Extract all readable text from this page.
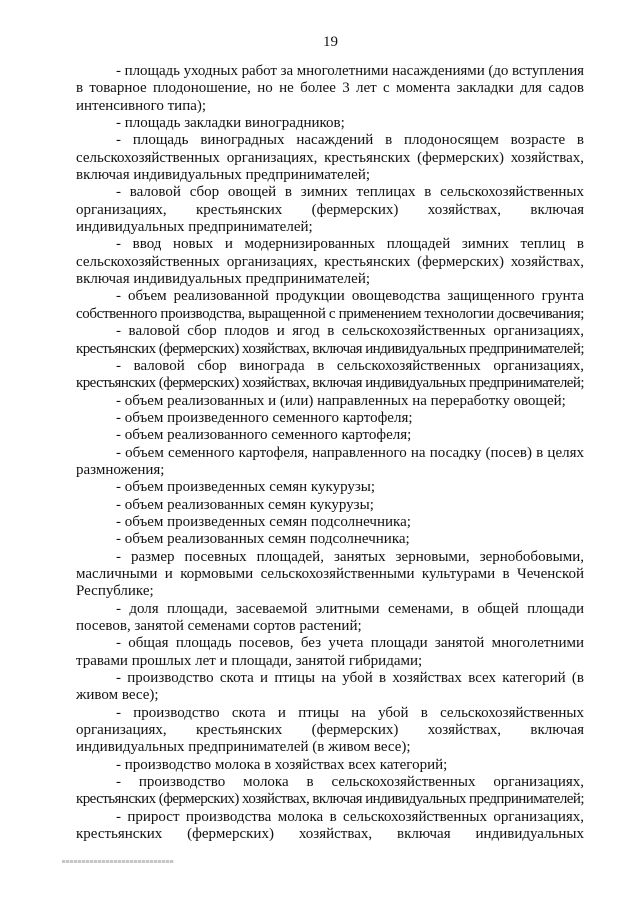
19
- площадь уходных работ за многолетними насаждениями (до вступления
в товарное плодоношение, но не более 3 лет с момента закладки для садов
интенсивного типа);
- площадь закладки виноградников;
- площадь виноградных насаждений в плодоносящем возрасте в
сельскохозяйственных организациях, крестьянских (фермерских) хозяйствах,
включая индивидуальных предпринимателей;
- валовой сбор овощей в зимних теплицах в сельскохозяйственных
организациях, крестьянских (фермерских) хозяйствах, включая
индивидуальных предпринимателей;
- ввод новых и модернизированных площадей зимних теплиц в
сельскохозяйственных организациях, крестьянских (фермерских) хозяйствах,
включая индивидуальных предпринимателей;
- объем реализованной продукции овощеводства защищенного грунта
собственного производства, выращенной с применением технологии досвечивания;
- валовой сбор плодов и ягод в сельскохозяйственных организациях,
крестьянских (фермерских) хозяйствах, включая индивидуальных предпринимателей;
- валовой сбор винограда в сельскохозяйственных организациях,
крестьянских (фермерских) хозяйствах, включая индивидуальных предпринимателей;
- объем реализованных и (или) направленных на переработку овощей;
- объем произведенного семенного картофеля;
- объем реализованного семенного картофеля;
- объем семенного картофеля, направленного на посадку (посев) в целях
размножения;
- объем произведенных семян кукурузы;
- объем реализованных семян кукурузы;
- объем произведенных семян подсолнечника;
- объем реализованных семян подсолнечника;
- размер посевных площадей, занятых зерновыми, зернобобовыми,
масличными и кормовыми сельскохозяйственными культурами в Чеченской
Республике;
- доля площади, засеваемой элитными семенами, в общей площади
посевов, занятой семенами сортов растений;
- общая площадь посевов, без учета площади занятой многолетними
травами прошлых лет и площади, занятой гибридами;
- производство скота и птицы на убой в хозяйствах всех категорий (в
живом весе);
- производство скота и птицы на убой в сельскохозяйственных
организациях, крестьянских (фермерских) хозяйствах, включая
индивидуальных предпринимателей (в живом весе);
- производство молока в хозяйствах всех категорий;
- производство молока в сельскохозяйственных организациях,
крестьянских (фермерских) хозяйствах, включая индивидуальных предпринимателей;
- прирост производства молока в сельскохозяйственных организациях,
крестьянских (фермерских) хозяйствах, включая индивидуальных
